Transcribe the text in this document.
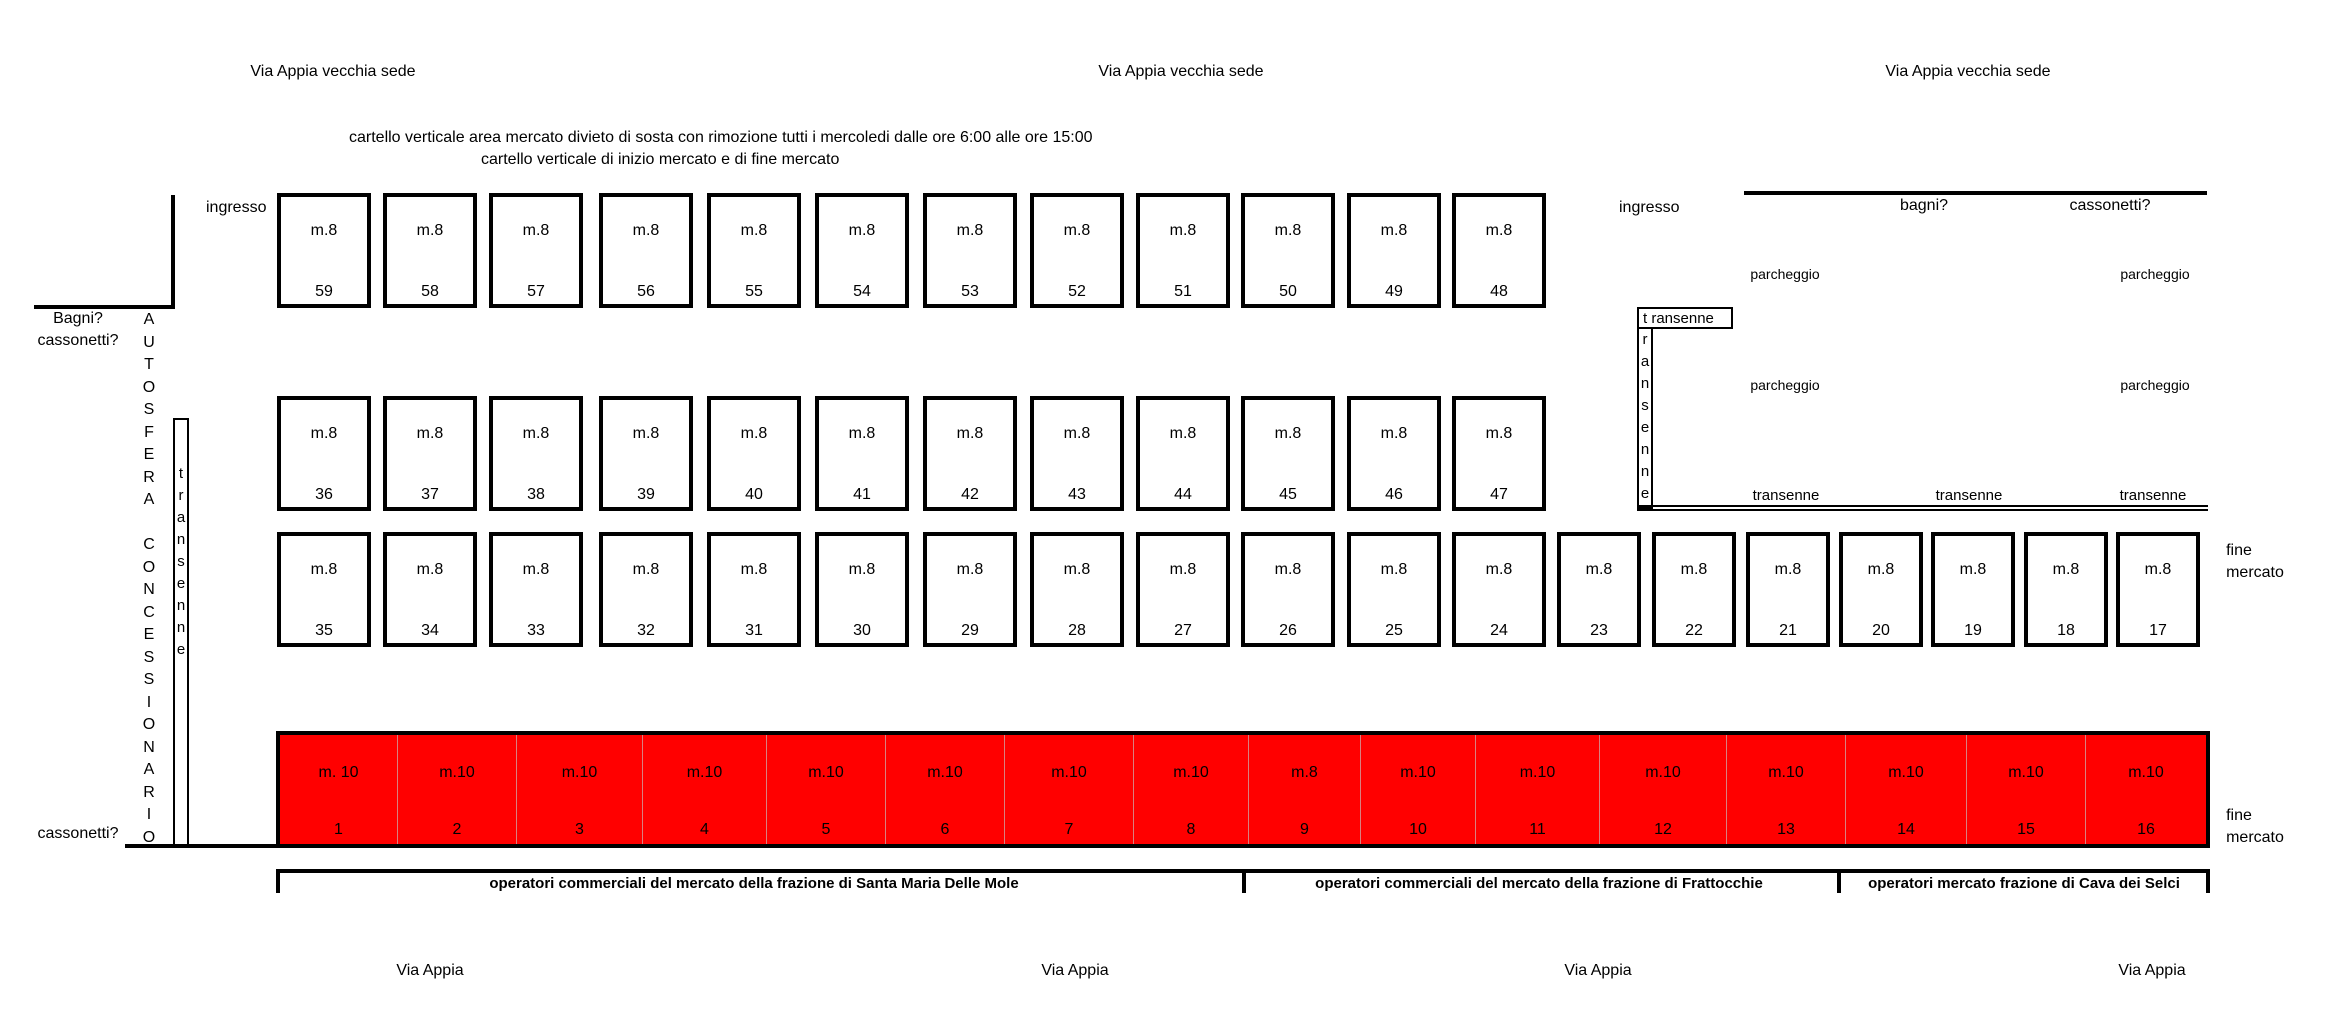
Via Appia vecchia sede	Via Appia vecchia sede	Via Appia vecchia sede
cartello verticale area mercato divieto di sosta con rimozione tutti i mercoledi dalle ore 6:00 alle ore 15:00
cartello verticale di inizio mercato e di fine mercato
ingresso
Bagni?
cassonetti?
cassonetti?
A
U
T
O
S
F
E
R
A
C
O
N
C
E
S
S
I
O
N
A
R
I
O
t
r
a
n
s
e
n
n
e
m.8
59
m.8
58
m.8
57
m.8
56
m.8
55
m.8
54
m.8
53
m.8
52
m.8
51
m.8
50
m.8
49
m.8
48
m.8
36
m.8
37
m.8
38
m.8
39
m.8
40
m.8
41
m.8
42
m.8
43
m.8
44
m.8
45
m.8
46
m.8
47
m.8
35
m.8
34
m.8
33
m.8
32
m.8
31
m.8
30
m.8
29
m.8
28
m.8
27
m.8
26
m.8
25
m.8
24
m.8
23
m.8
22
m.8
21
m.8
20
m.8
19
m.8
18
m.8
17
ingresso	bagni?	cassonetti?
parcheggio	parcheggio
parcheggio	parcheggio
t ransenne
r
a
n
s
e
n
n
e	transenne	transenne	transenne
fine
mercato
fine
mercato
m. 10
1
m.10
2
m.10
3
m.10
4
m.10
5
m.10
6
m.10
7
m.10
8
m.8
9
m.10
10
m.10
11
m.10
12
m.10
13
m.10
14
m.10
15
m.10
16
operatori commerciali del mercato della frazione di Santa Maria Delle Mole	operatori commerciali del mercato della frazione di Frattocchie	operatori mercato frazione di Cava dei Selci
Via Appia	Via Appia	Via Appia	Via Appia
